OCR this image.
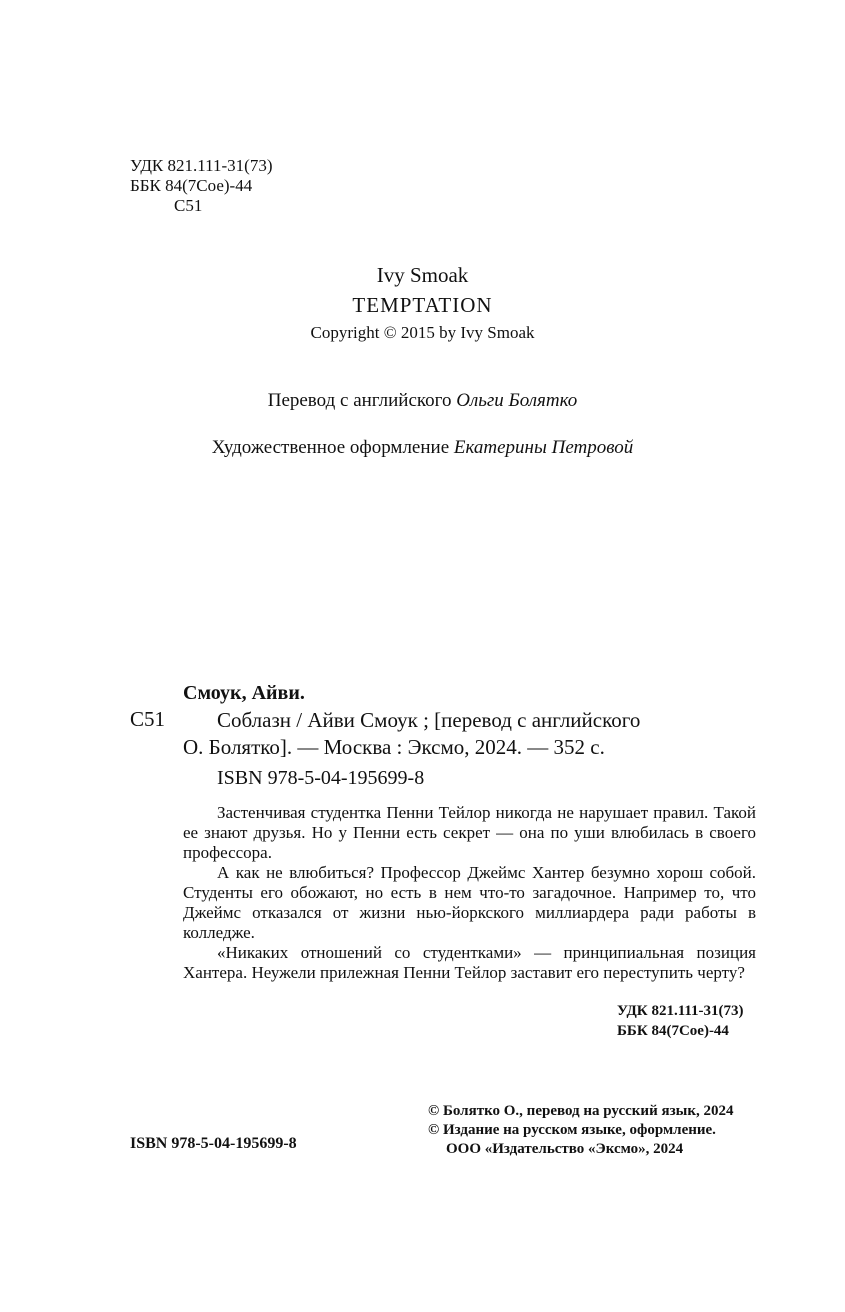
УДК 821.111-31(73)
ББК 84(7Сое)-44
С51
Ivy Smoak
TEMPTATION
Copyright © 2015 by Ivy Smoak
Перевод с английского Ольги Болятко
Художественное оформление Екатерины Петровой
Смоук, Айви.
С51	Соблазн / Айви Смоук ; [перевод с английского
О. Болятко]. — Москва : Эксмо, 2024. — 352 с.
ISBN 978-5-04-195699-8

Застенчивая студентка Пенни Тейлор никогда не нарушает правил. Такой ее знают друзья. Но у Пенни есть секрет — она по уши влюбилась в своего профессора.

А как не влюбиться? Профессор Джеймс Хантер безумно хорош собой. Студенты его обожают, но есть в нем что-то загадочное. Например то, что Джеймс отказался от жизни нью-йоркского миллиардера ради работы в колледже.

«Никаких отношений со студентками» — принципиальная позиция Хантера. Неужели прилежная Пенни Тейлор заставит его переступить черту?

УДК 821.111-31(73)
ББК 84(7Сое)-44
© Болятко О., перевод на русский язык, 2024
© Издание на русском языке, оформление.
ООО «Издательство «Эксмо», 2024
ISBN 978-5-04-195699-8
